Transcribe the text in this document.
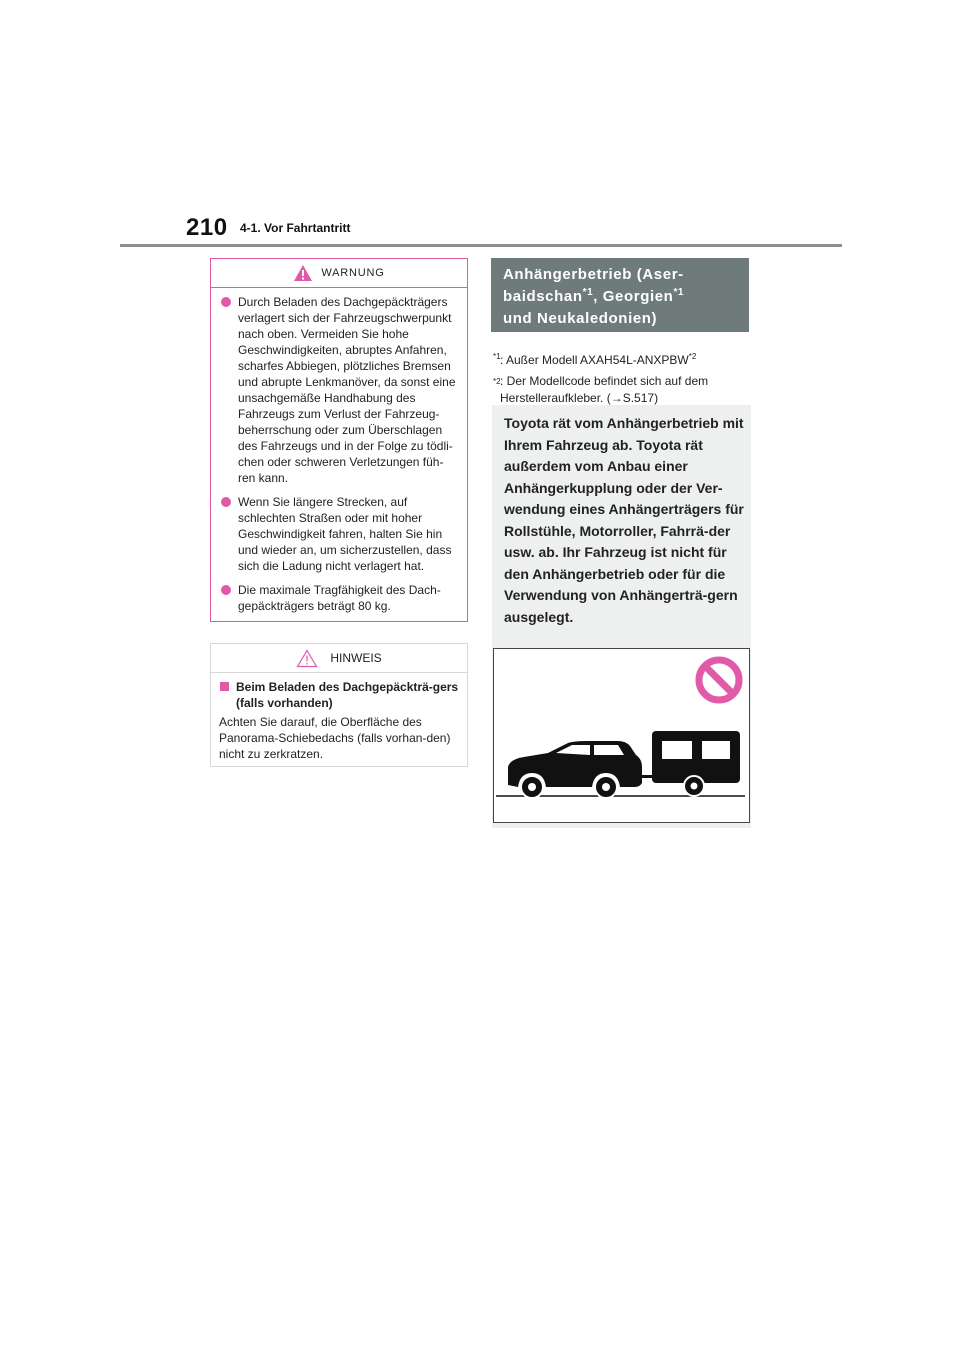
210 4-1. Vor Fahrtantritt
WARNUNG
Durch Beladen des Dachgepäckträgers verlagert sich der Fahrzeugschwerpunkt nach oben. Vermeiden Sie hohe Geschwindigkeiten, abruptes Anfahren, scharfes Abbiegen, plötzliches Bremsen und abrupte Lenkmanöver, da sonst eine unsachgemäße Handhabung des Fahrzeugs zum Verlust der Fahrzeug-beherrschung oder zum Überschlagen des Fahrzeugs und in der Folge zu tödli-chen oder schweren Verletzungen füh-ren kann.
Wenn Sie längere Strecken, auf schlechten Straßen oder mit hoher Geschwindigkeit fahren, halten Sie hin und wieder an, um sicherzustellen, dass sich die Ladung nicht verlagert hat.
Die maximale Tragfähigkeit des Dach-gepäckträgers beträgt 80 kg.
HINWEIS
Beim Beladen des Dachgepäckträ-gers (falls vorhanden)
Achten Sie darauf, die Oberfläche des Panorama-Schiebedachs (falls vorhan-den) nicht zu zerkratzen.
Anhängerbetrieb (Aser-
baidschan$^{*1}$, Georgien$^{*1}$
und Neukaledonien)
$^{*1}$ : Außer Modell AXAH54L-ANXPBW$^{*2}$
$^{*2}$ : Der Modellcode befindet sich auf dem Herstelleraufkleber. (→S.517)
Toyota rät vom Anhängerbetrieb mit Ihrem Fahrzeug ab. Toyota rät außerdem vom Anbau einer Anhängerkupplung oder der Ver-wendung eines Anhängerträgers für Rollstühle, Motorroller, Fahrrä-der usw. ab. Ihr Fahrzeug ist nicht für den Anhängerbetrieb oder für die Verwendung von Anhängerträ-gern ausgelegt.
